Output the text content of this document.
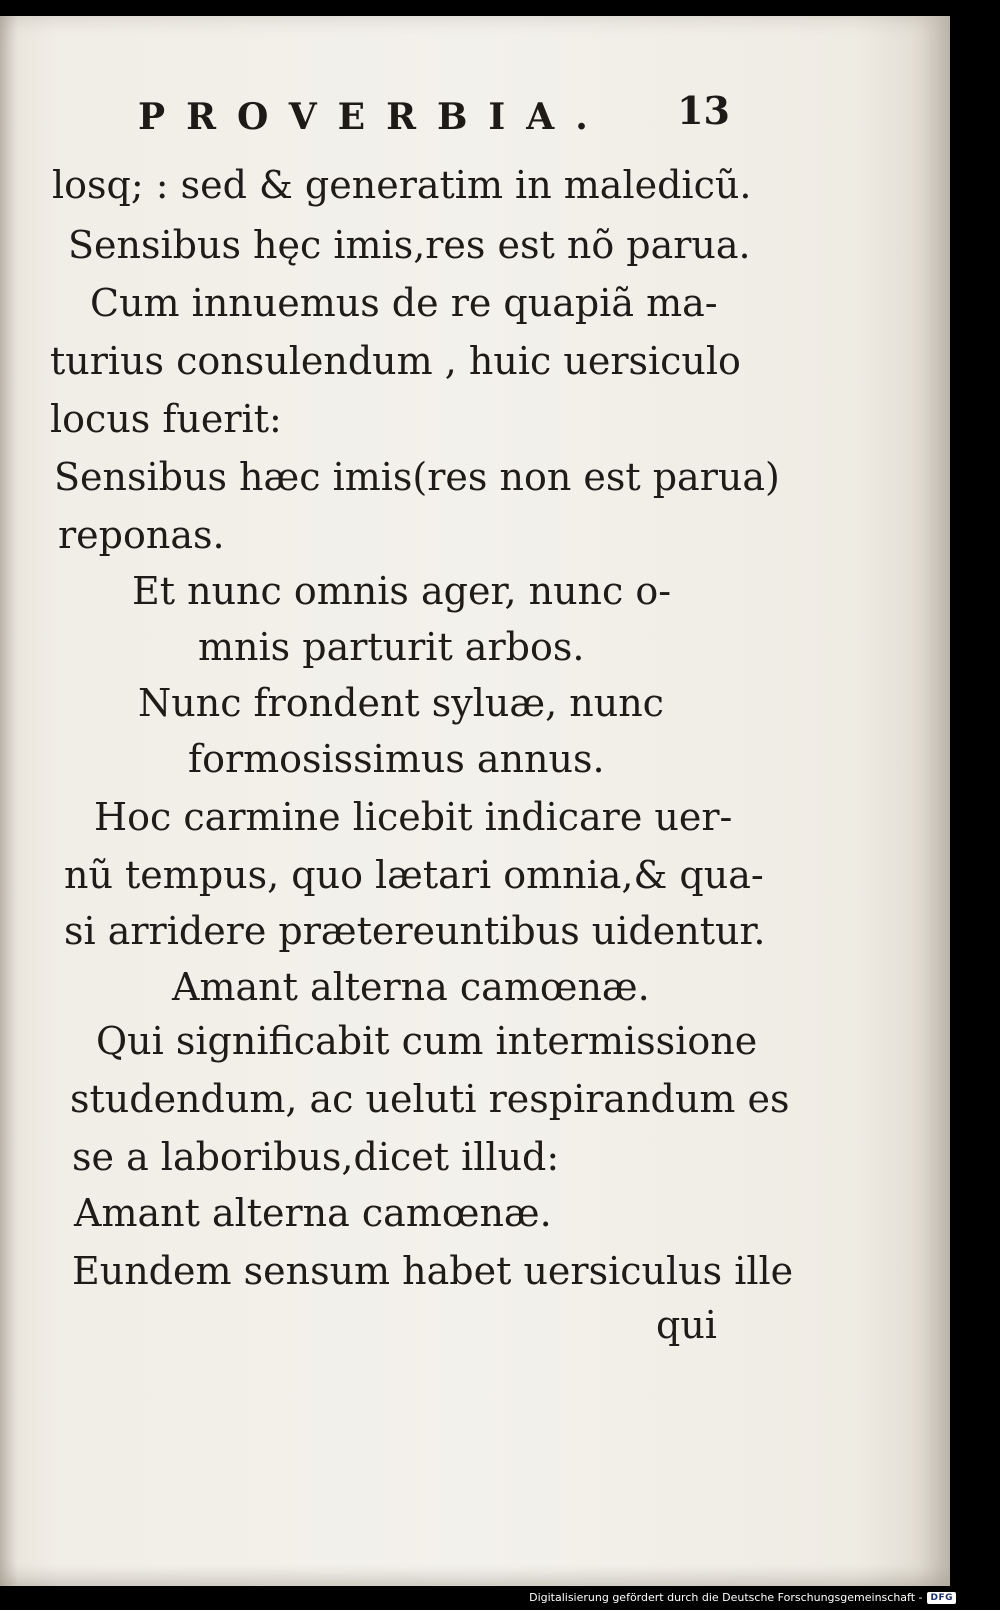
PROVERBIA. 13
losq; : sed & generatim in maledicũ.
Sensibus hęc imis,res est nõ parua.
Cum innuemus de re quapiã ma-
turius consulendum , huic uersiculo
locus fuerit:
Sensibus hæc imis(res non est parua)
reponas.
Et nunc omnis ager, nunc o-
mnis parturit arbos.
Nunc frondent syluæ, nunc
formosissimus annus.
Hoc carmine licebit indicare uer-
nũ tempus, quo lætari omnia,& qua-
si arridere prætereuntibus uidentur.
Amant alterna camœnæ.
Qui significabit cum intermissione
studendum, ac ueluti respirandum es
se a laboribus,dicet illud:
Amant alterna camœnæ.
Eundem sensum habet uersiculus ille
qui
Digitalisierung gefördert durch die Deutsche Forschungsgemeinschaft - DFG
